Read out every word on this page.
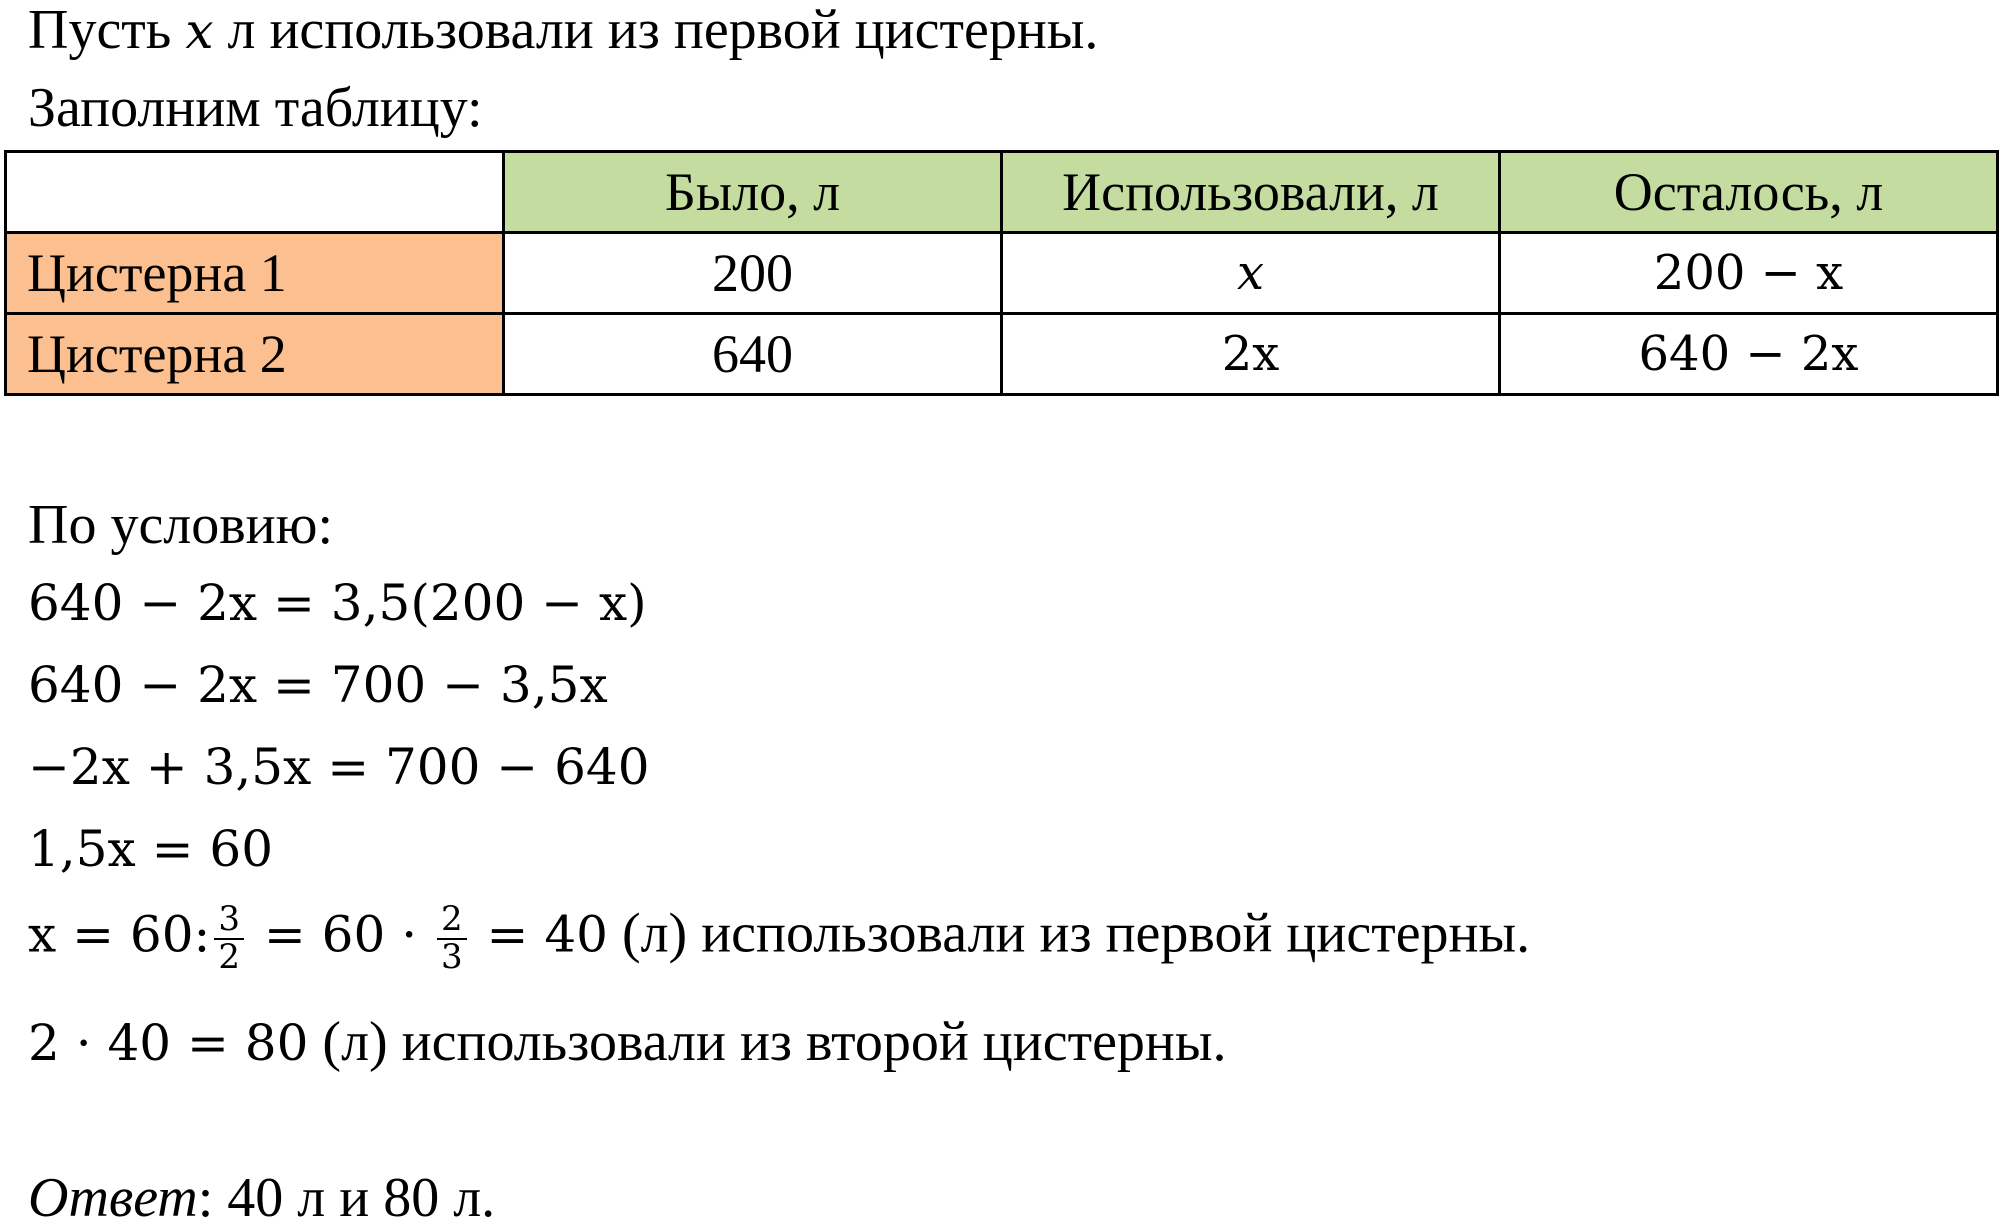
Пусть x л использовали из первой цистерны.
Заполним таблицу:
	Было, л	Использовали, л	Осталось, л
Цистерна 1	200	x	200 − x
Цистерна 2	640	2x	640 − 2x
По условию:
640 − 2x = 3,5(200 − x)
640 − 2x = 700 − 3,5x
−2x + 3,5x = 700 − 640
1,5x = 60
x = 60: $\frac{3}{2} = 60 \cdot \frac{2}{3} = 40$ (л) использовали из первой цистерны.
2 · 40 = 80 (л) использовали из второй цистерны.
Ответ: 40 л и 80 л.
